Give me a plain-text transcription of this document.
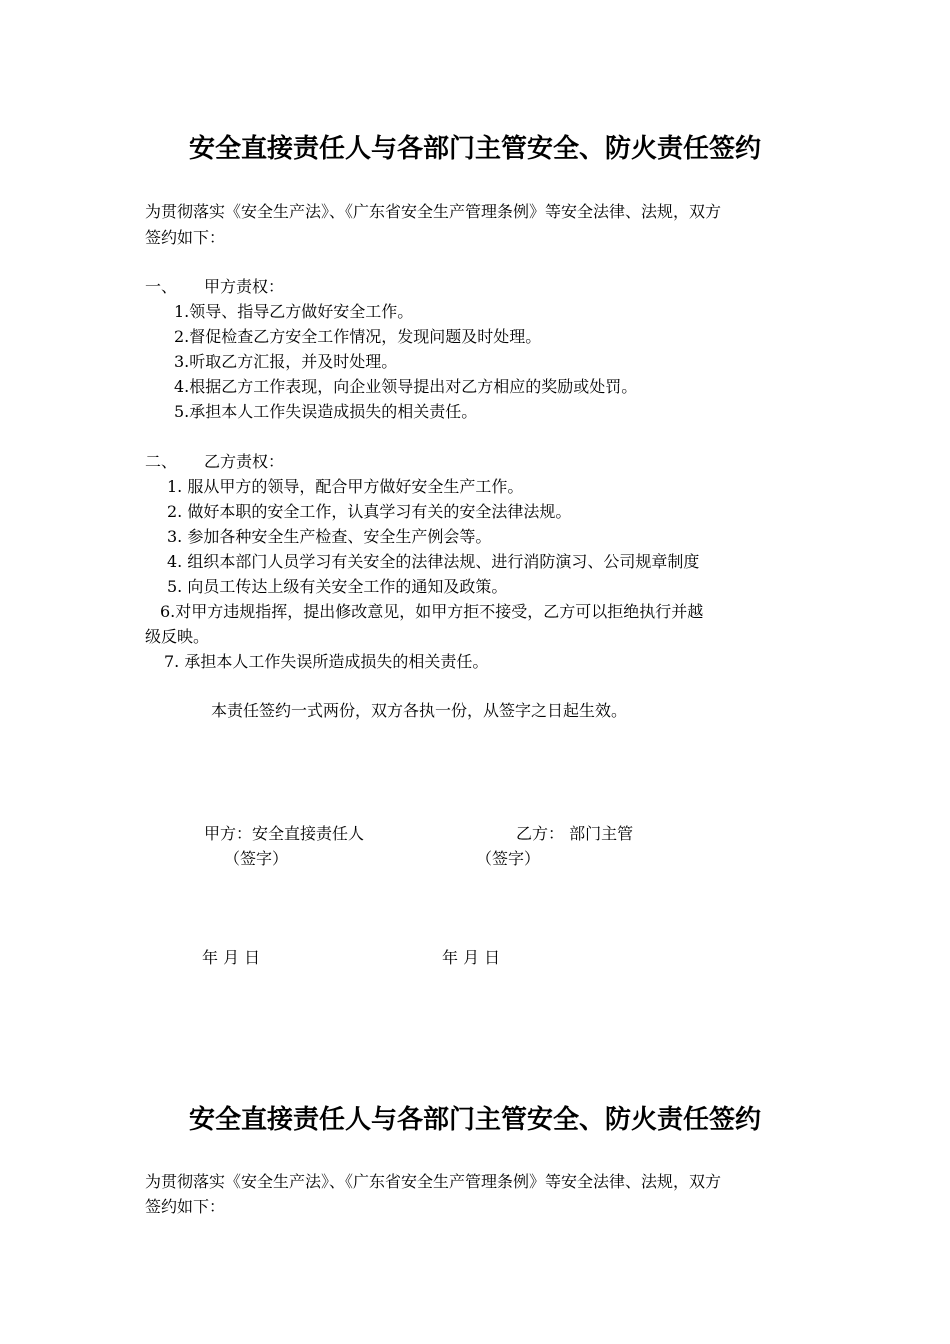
安全直接责任人与各部门主管安全、防火责任签约
为贯彻落实《安全生产法》、《广东省安全生产管理条例》等安全法律、法规，双方
签约如下：
一、 甲方责权：
1.领导、指导乙方做好安全工作。
2.督促检查乙方安全工作情况，发现问题及时处理。
3.听取乙方汇报，并及时处理。
4.根据乙方工作表现，向企业领导提出对乙方相应的奖励或处罚。
5.承担本人工作失误造成损失的相关责任。
二、 乙方责权：
1. 服从甲方的领导，配合甲方做好安全生产工作。
2. 做好本职的安全工作，认真学习有关的安全法律法规。
3. 参加各种安全生产检查、安全生产例会等。
4. 组织本部门人员学习有关安全的法律法规、进行消防演习、公司规章制度
5. 向员工传达上级有关安全工作的通知及政策。
6.对甲方违规指挥，提出修改意见，如甲方拒不接受，乙方可以拒绝执行并越
级反映。
7. 承担本人工作失误所造成损失的相关责任。
本责任签约一式两份，双方各执一份，从签字之日起生效。
甲方：安全直接责任人	乙方： 部门主管
（签字）	（签字）
年 月 日	年 月 日
安全直接责任人与各部门主管安全、防火责任签约
为贯彻落实《安全生产法》、《广东省安全生产管理条例》等安全法律、法规，双方
签约如下：
